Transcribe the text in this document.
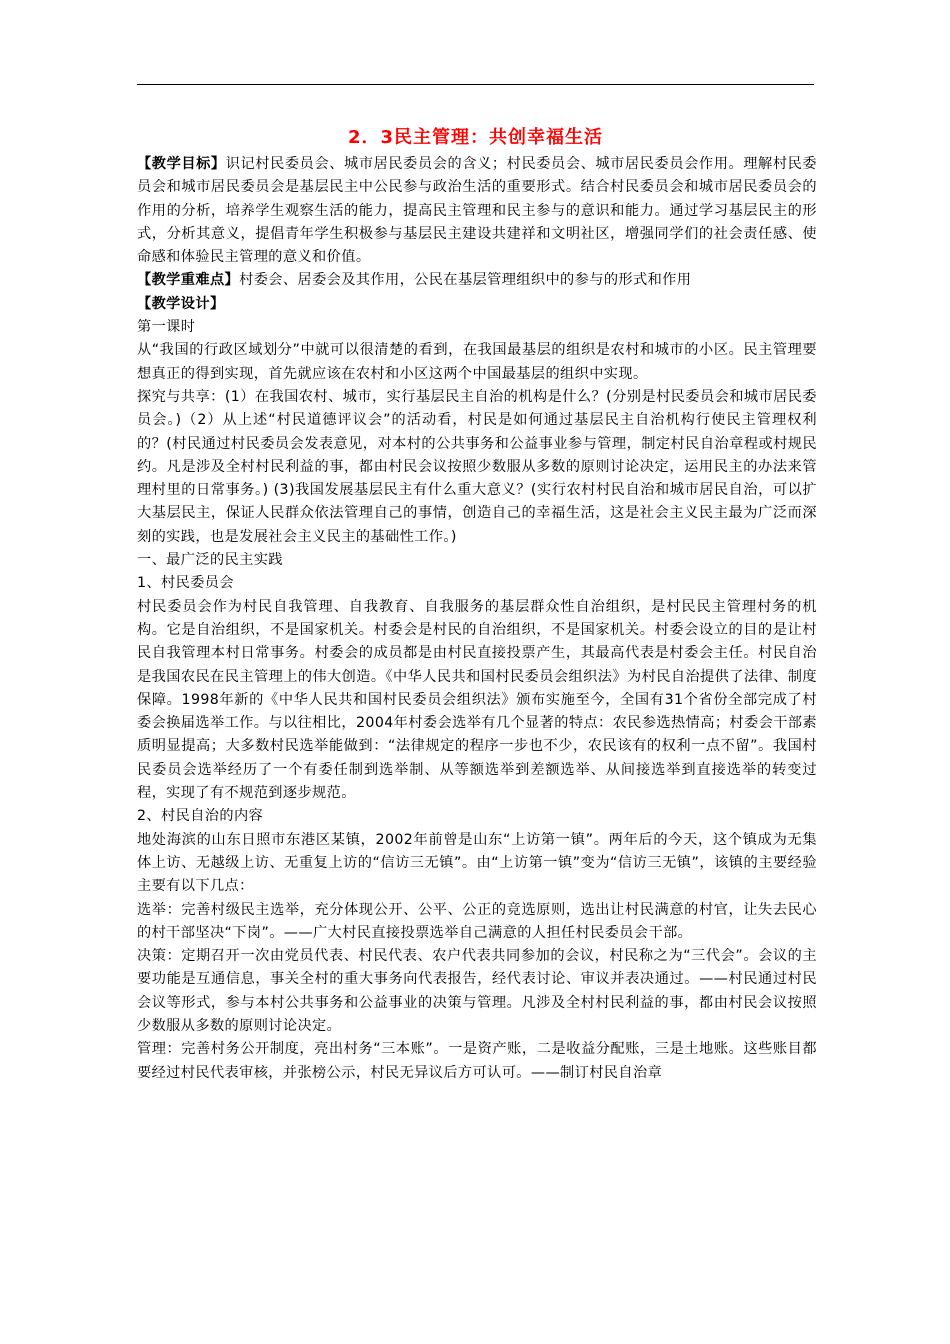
2．3民主管理：共创幸福生活

【教学目标】识记村民委员会、城市居民委员会的含义；村民委员会、城市居民委员会作用。理解村民委员会和城市居民委员会是基层民主中公民参与政治生活的重要形式。结合村民委员会和城市居民委员会的作用的分析，培养学生观察生活的能力，提高民主管理和民主参与的意识和能力。通过学习基层民主的形式，分析其意义，提倡青年学生积极参与基层民主建设共建祥和文明社区，增强同学们的社会责任感、使命感和体验民主管理的意义和价值。

【教学重难点】村委会、居委会及其作用，公民在基层管理组织中的参与的形式和作用

【教学设计】

第一课时

从“我国的行政区域划分”中就可以很清楚的看到，在我国最基层的组织是农村和城市的小区。民主管理要想真正的得到实现，首先就应该在农村和小区这两个中国最基层的组织中实现。

探究与共享：(1）在我国农村、城市，实行基层民主自治的机构是什么？(分别是村民委员会和城市居民委员会。)（2）从上述“村民道德评议会”的活动看，村民是如何通过基层民主自治机构行使民主管理权利的？(村民通过村民委员会发表意见，对本村的公共事务和公益事业参与管理，制定村民自治章程或村规民约。凡是涉及全村村民利益的事，都由村民会议按照少数服从多数的原则讨论决定，运用民主的办法来管理村里的日常事务。) (3)我国发展基层民主有什么重大意义？(实行农村村民自治和城市居民自治，可以扩大基层民主，保证人民群众依法管理自己的事情，创造自己的幸福生活，这是社会主义民主最为广泛而深刻的实践，也是发展社会主义民主的基础性工作。)

一、最广泛的民主实践

1、村民委员会

村民委员会作为村民自我管理、自我教育、自我服务的基层群众性自治组织，是村民民主管理村务的机构。它是自治组织，不是国家机关。村委会是村民的自治组织，不是国家机关。村委会设立的目的是让村民自我管理本村日常事务。村委会的成员都是由村民直接投票产生，其最高代表是村委会主任。村民自治是我国农民在民主管理上的伟大创造。《中华人民共和国村民委员会组织法》为村民自治提供了法律、制度保障。1998年新的《中华人民共和国村民委员会组织法》颁布实施至今，全国有31个省份全部完成了村委会换届选举工作。与以往相比，2004年村委会选举有几个显著的特点：农民参选热情高；村委会干部素质明显提高；大多数村民选举能做到：“法律规定的程序一步也不少，农民该有的权利一点不留”。我国村民委员会选举经历了一个有委任制到选举制、从等额选举到差额选举、从间接选举到直接选举的转变过程，实现了有不规范到逐步规范。

2、村民自治的内容

地处海滨的山东日照市东港区某镇，2002年前曾是山东“上访第一镇”。两年后的今天，这个镇成为无集体上访、无越级上访、无重复上访的“信访三无镇”。由“上访第一镇”变为“信访三无镇”，该镇的主要经验主要有以下几点：

选举：完善村级民主选举，充分体现公开、公平、公正的竞选原则，选出让村民满意的村官，让失去民心的村干部坚决“下岗”。——广大村民直接投票选举自己满意的人担任村民委员会干部。

决策：定期召开一次由党员代表、村民代表、农户代表共同参加的会议，村民称之为“三代会”。会议的主要功能是互通信息，事关全村的重大事务向代表报告，经代表讨论、审议并表决通过。——村民通过村民会议等形式，参与本村公共事务和公益事业的决策与管理。凡涉及全村村民利益的事，都由村民会议按照少数服从多数的原则讨论决定。

管理：完善村务公开制度，亮出村务“三本账”。一是资产账，二是收益分配账，三是土地账。这些账目都要经过村民代表审核，并张榜公示，村民无异议后方可认可。——制订村民自治章
